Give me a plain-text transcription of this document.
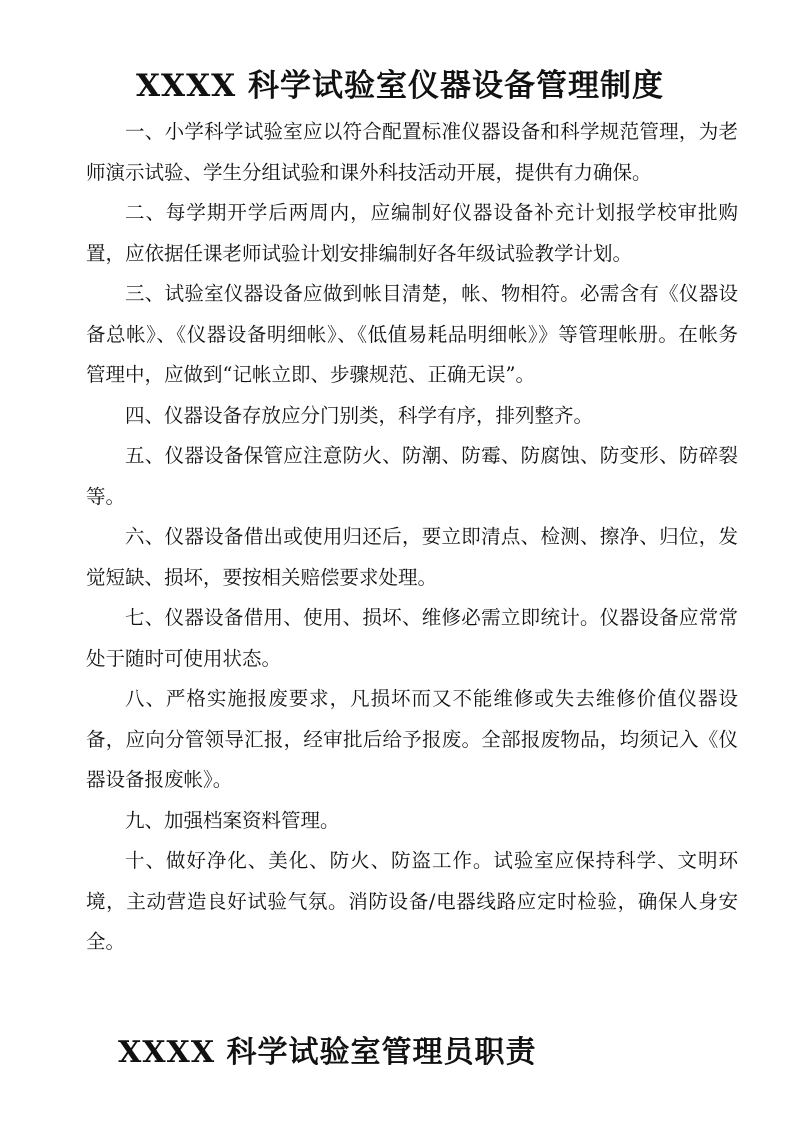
XXXX 科学试验室仪器设备管理制度

一、小学科学试验室应以符合配置标准仪器设备和科学规范管理，为老师演示试验、学生分组试验和课外科技活动开展，提供有力确保。

二、每学期开学后两周内，应编制好仪器设备补充计划报学校审批购置，应依据任课老师试验计划安排编制好各年级试验教学计划。

三、试验室仪器设备应做到帐目清楚，帐、物相符。必需含有《仪器设备总帐》、《仪器设备明细帐》、《低值易耗品明细帐》》等管理帐册。在帐务管理中，应做到“记帐立即、步骤规范、正确无误”。

四、仪器设备存放应分门别类，科学有序，排列整齐。

五、仪器设备保管应注意防火、防潮、防霉、防腐蚀、防变形、防碎裂等。

六、仪器设备借出或使用归还后，要立即清点、检测、擦净、归位，发觉短缺、损坏，要按相关赔偿要求处理。

七、仪器设备借用、使用、损坏、维修必需立即统计。仪器设备应常常处于随时可使用状态。

八、严格实施报废要求，凡损坏而又不能维修或失去维修价值仪器设备，应向分管领导汇报，经审批后给予报废。全部报废物品，均须记入《仪器设备报废帐》。

九、加强档案资料管理。

十、做好净化、美化、防火、防盗工作。试验室应保持科学、文明环境，主动营造良好试验气氛。消防设备/电器线路应定时检验，确保人身安全。

XXXX 科学试验室管理员职责
